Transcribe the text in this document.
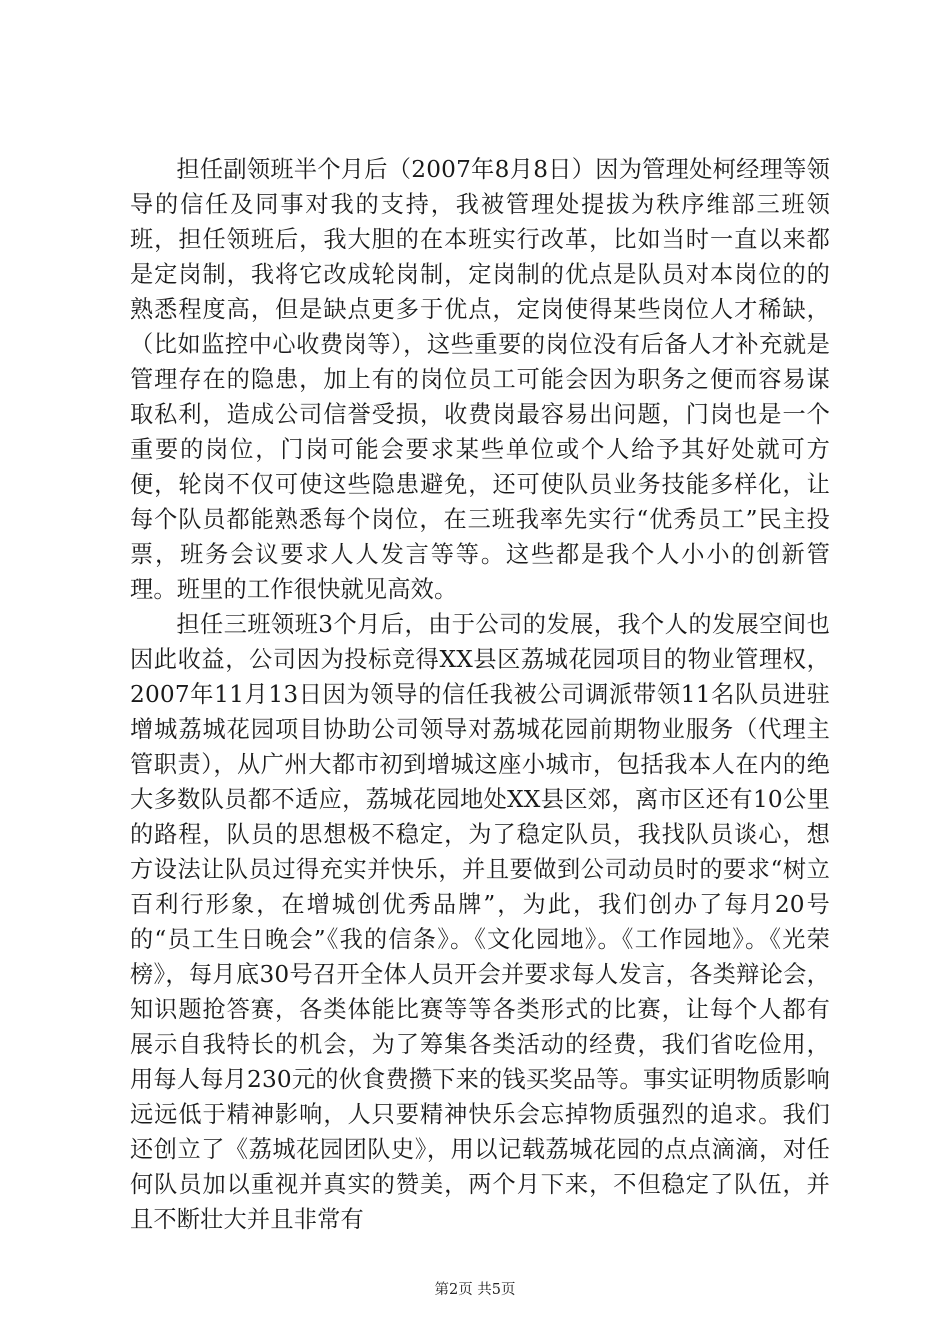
担任副领班半个月后（2007年8月8日）因为管理处柯经理等领导的信任及同事对我的支持，我被管理处提拔为秩序维部三班领班，担任领班后，我大胆的在本班实行改革，比如当时一直以来都是定岗制，我将它改成轮岗制，定岗制的优点是队员对本岗位的的熟悉程度高，但是缺点更多于优点，定岗使得某些岗位人才稀缺，（比如监控中心收费岗等），这些重要的岗位没有后备人才补充就是管理存在的隐患，加上有的岗位员工可能会因为职务之便而容易谋取私利，造成公司信誉受损，收费岗最容易出问题，门岗也是一个重要的岗位，门岗可能会要求某些单位或个人给予其好处就可方便，轮岗不仅可使这些隐患避免，还可使队员业务技能多样化，让每个队员都能熟悉每个岗位，在三班我率先实行“优秀员工”民主投票，班务会议要求人人发言等等。这些都是我个人小小的创新管理。班里的工作很快就见高效。

担任三班领班3个月后，由于公司的发展，我个人的发展空间也因此收益，公司因为投标竞得XX县区荔城花园项目的物业管理权，2007年11月13日因为领导的信任我被公司调派带领11名队员进驻增城荔城花园项目协助公司领导对荔城花园前期物业服务（代理主管职责），从广州大都市初到增城这座小城市，包括我本人在内的绝大多数队员都不适应，荔城花园地处XX县区郊，离市区还有10公里的路程，队员的思想极不稳定，为了稳定队员，我找队员谈心，想方设法让队员过得充实并快乐，并且要做到公司动员时的要求“树立百利行形象，在增城创优秀品牌”，为此，我们创办了每月20号的“员工生日晚会”《我的信条》。《文化园地》。《工作园地》。《光荣榜》，每月底30号召开全体人员开会并要求每人发言，各类辩论会，知识题抢答赛，各类体能比赛等等各类形式的比赛，让每个人都有展示自我特长的机会，为了筹集各类活动的经费，我们省吃俭用，用每人每月230元的伙食费攒下来的钱买奖品等。事实证明物质影响远远低于精神影响，人只要精神快乐会忘掉物质强烈的追求。我们还创立了《荔城花园团队史》，用以记载荔城花园的点点滴滴，对任何队员加以重视并真实的赞美，两个月下来，不但稳定了队伍，并且不断壮大并且非常有

第2页 共5页
